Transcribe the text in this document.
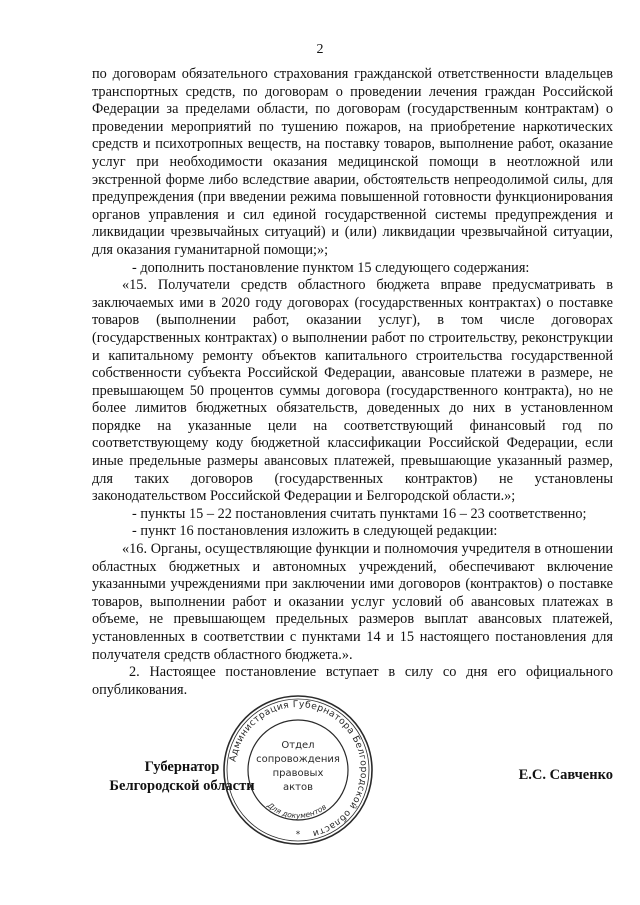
2

по договорам обязательного страхования гражданской ответственности владельцев транспортных средств, по договорам о проведении лечения граждан Российской Федерации за пределами области, по договорам (государственным контрактам) о проведении мероприятий по тушению пожаров, на приобретение наркотических средств и психотропных веществ, на поставку товаров, выполнение работ, оказание услуг при необходимости оказания медицинской помощи в неотложной или экстренной форме либо вследствие аварии, обстоятельств непреодолимой силы, для предупреждения (при введении режима повышенной готовности функционирования органов управления и сил единой государственной системы предупреждения и ликвидации чрезвычайных ситуаций) и (или) ликвидации чрезвычайной ситуации, для оказания гуманитарной помощи;»;

- дополнить постановление пунктом 15 следующего содержания:

«15. Получатели средств областного бюджета вправе предусматривать в заключаемых ими в 2020 году договорах (государственных контрактах) о поставке товаров (выполнении работ, оказании услуг), в том числе договорах (государственных контрактах) о выполнении работ по строительству, реконструкции и капитальному ремонту объектов капитального строительства государственной собственности субъекта Российской Федерации, авансовые платежи в размере, не превышающем 50 процентов суммы договора (государственного контракта), но не более лимитов бюджетных обязательств, доведенных до них в установленном порядке на указанные цели на соответствующий финансовый год по соответствующему коду бюджетной классификации Российской Федерации, если иные предельные размеры авансовых платежей, превышающие указанный размер, для таких договоров (государственных контрактов) не установлены законодательством Российской Федерации и Белгородской области.»;

- пункты 15 – 22 постановления считать пунктами 16 – 23 соответственно;

- пункт 16 постановления изложить в следующей редакции:

«16. Органы, осуществляющие функции и полномочия учредителя в отношении областных бюджетных и автономных учреждений, обеспечивают включение указанными учреждениями при заключении ими договоров (контрактов) о поставке товаров, выполнении работ и оказании услуг условий об авансовых платежах в объеме, не превышающем предельных размеров выплат авансовых платежей, установленных в соответствии с пунктами 14 и 15 настоящего постановления для получателя средств областного бюджета.».

2. Настоящее постановление вступает в силу со дня его официального опубликования.

Губернатор
Белгородской области
Е.С. Савченко
Администрация Губернатора Белгородской области
Для документов
Отдел
сопровождения
правовых
актов
*
